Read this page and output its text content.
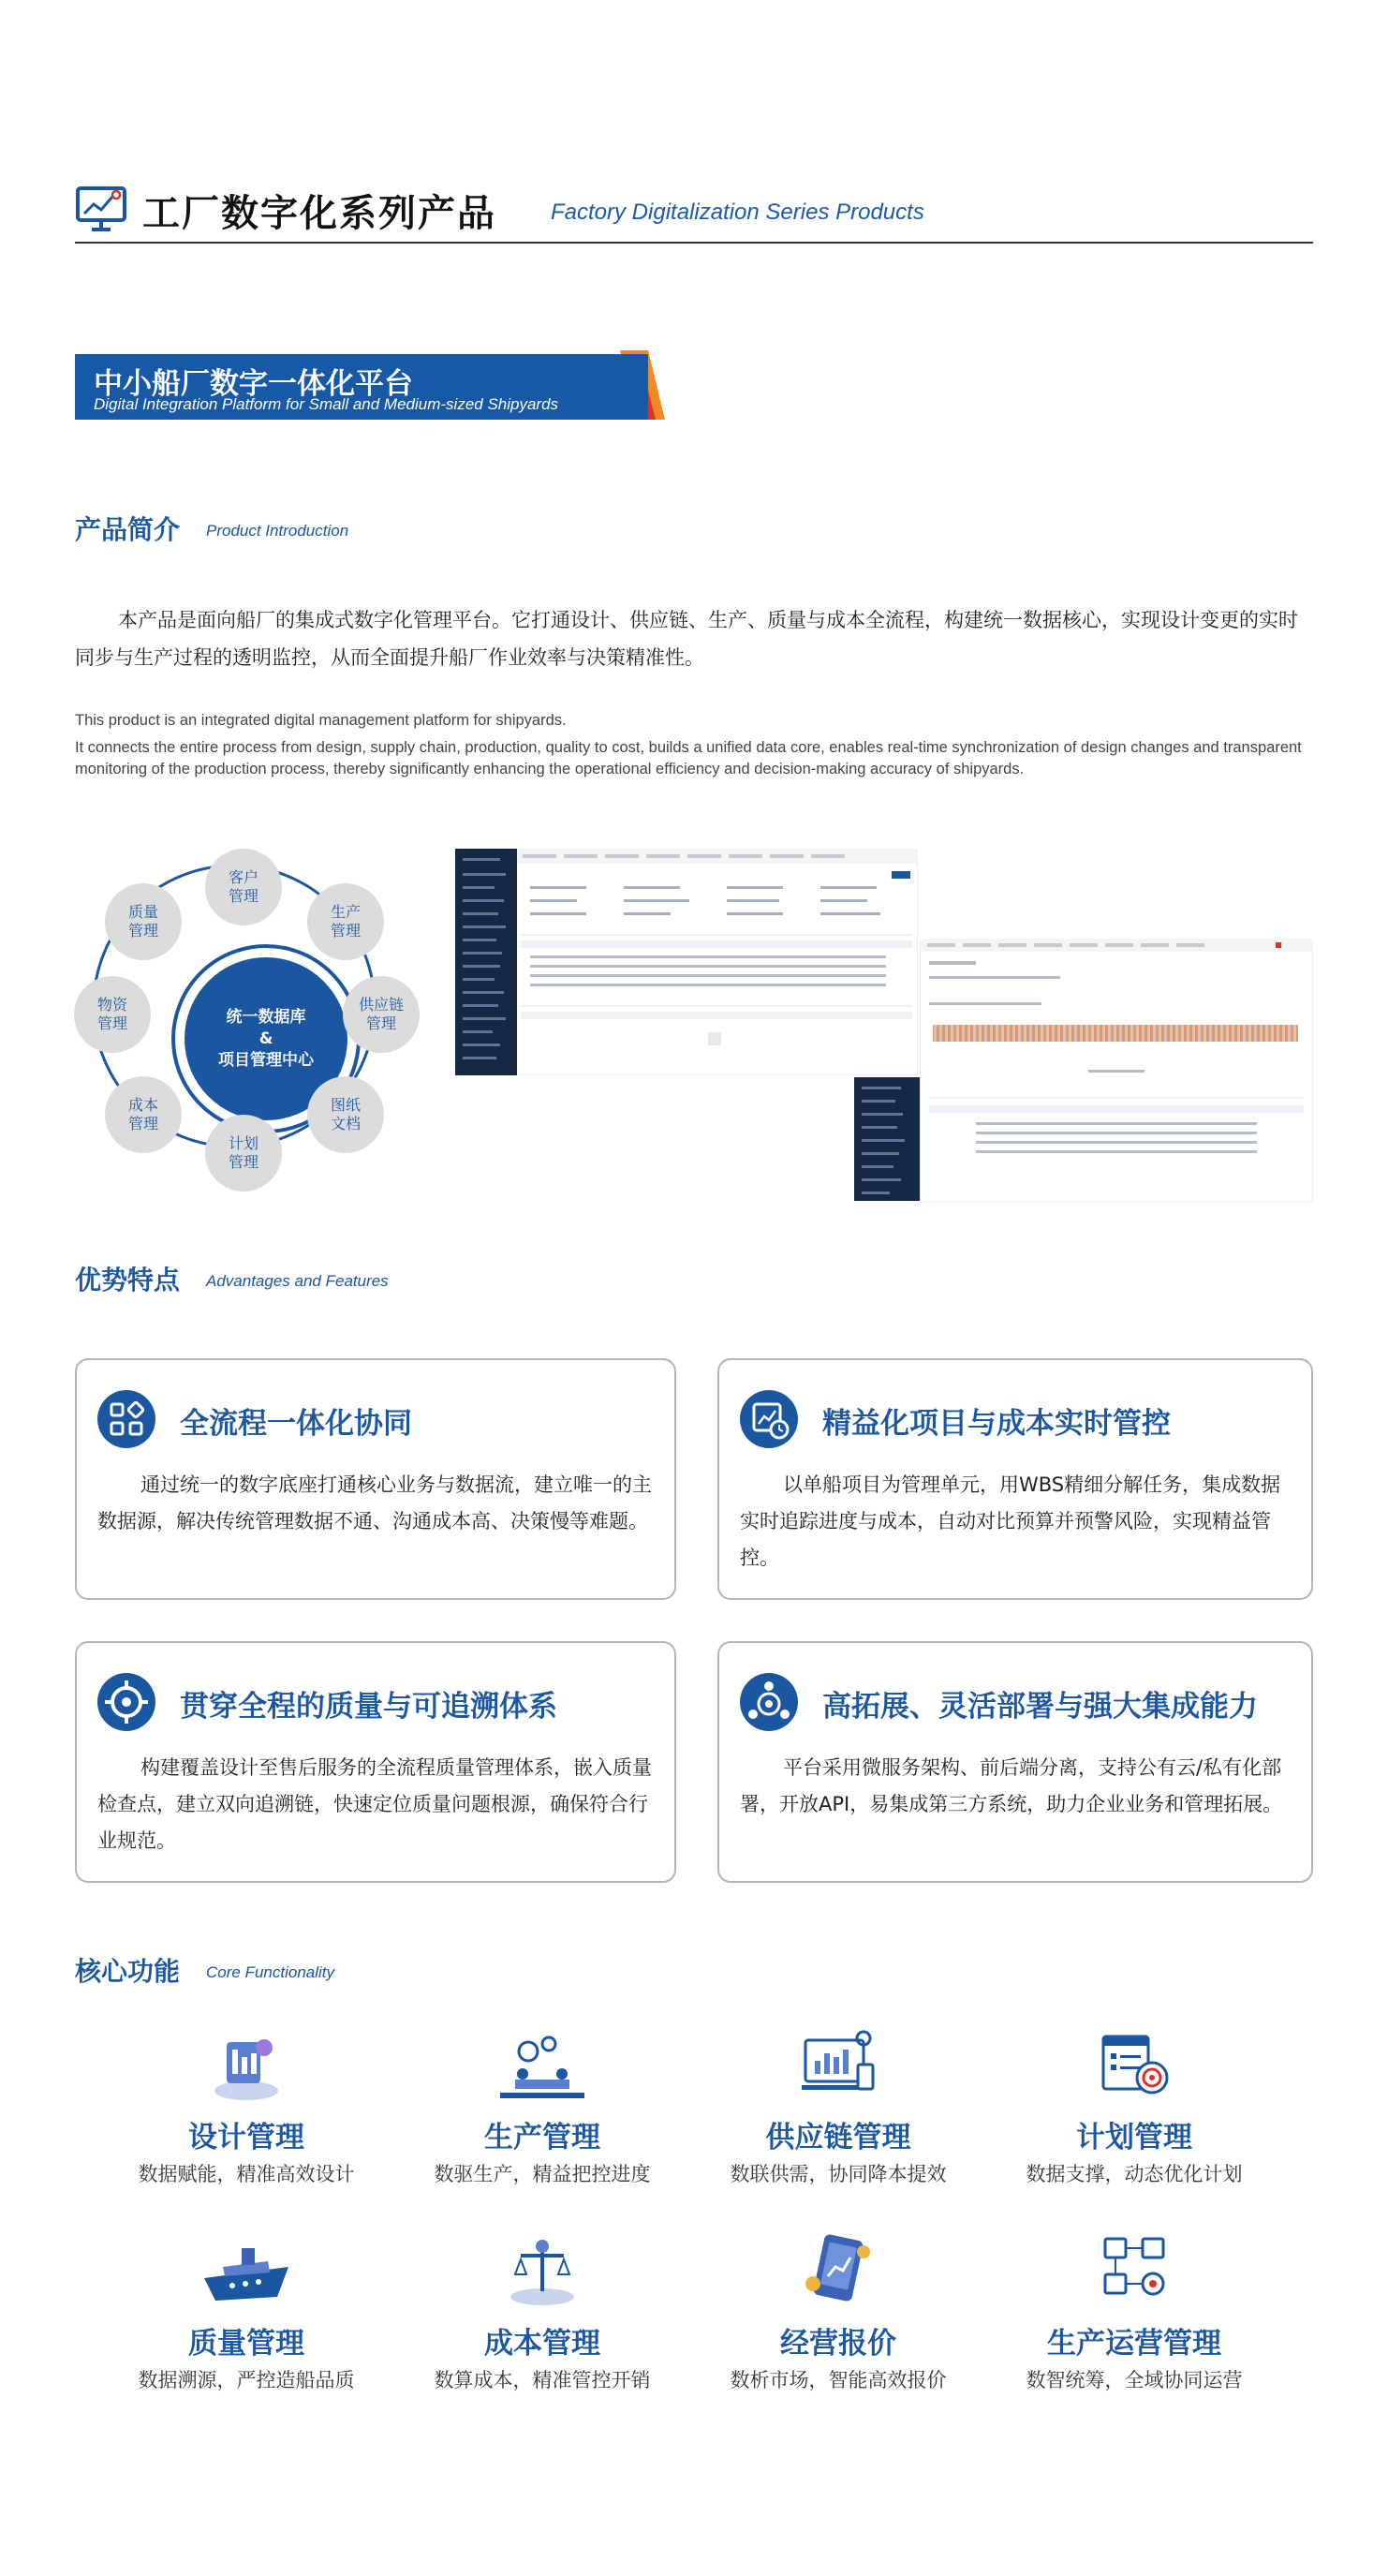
工厂数字化系列产品 Factory Digitalization Series Products
中小船厂数字一体化平台
Digital Integration Platform for Small and Medium-sized Shipyards
产品简介 Product Introduction
本产品是面向船厂的集成式数字化管理平台。它打通设计、供应链、生产、质量与成本全流程，构建统一数据核心，实现设计变更的实时同步与生产过程的透明监控，从而全面提升船厂作业效率与决策精准性。
This product is an integrated digital management platform for shipyards.
It connects the entire process from design, supply chain, production, quality to cost, builds a unified data core, enables real-time synchronization of design changes and transparent monitoring of the production process, thereby significantly enhancing the operational efficiency and decision-making accuracy of shipyards.
统一数据库
&
项目管理中心
客户
管理
生产
管理
供应链
管理
图纸
文档
计划
管理
成本
管理
物资
管理
质量
管理
优势特点 Advantages and Features
全流程一体化协同
通过统一的数字底座打通核心业务与数据流，建立唯一的主数据源，解决传统管理数据不通、沟通成本高、决策慢等难题。
精益化项目与成本实时管控
以单船项目为管理单元，用WBS精细分解任务，集成数据实时追踪进度与成本，自动对比预算并预警风险，实现精益管控。
贯穿全程的质量与可追溯体系
构建覆盖设计至售后服务的全流程质量管理体系，嵌入质量检查点，建立双向追溯链，快速定位质量问题根源，确保符合行业规范。
高拓展、灵活部署与强大集成能力
平台采用微服务架构、前后端分离，支持公有云/私有化部署，开放API，易集成第三方系统，助力企业业务和管理拓展。
核心功能 Core Functionality
设计管理
数据赋能，精准高效设计
生产管理
数驱生产，精益把控进度
供应链管理
数联供需，协同降本提效
计划管理
数据支撑，动态优化计划
质量管理
数据溯源，严控造船品质
成本管理
数算成本，精准管控开销
经营报价
数析市场，智能高效报价
生产运营管理
数智统筹，全域协同运营
